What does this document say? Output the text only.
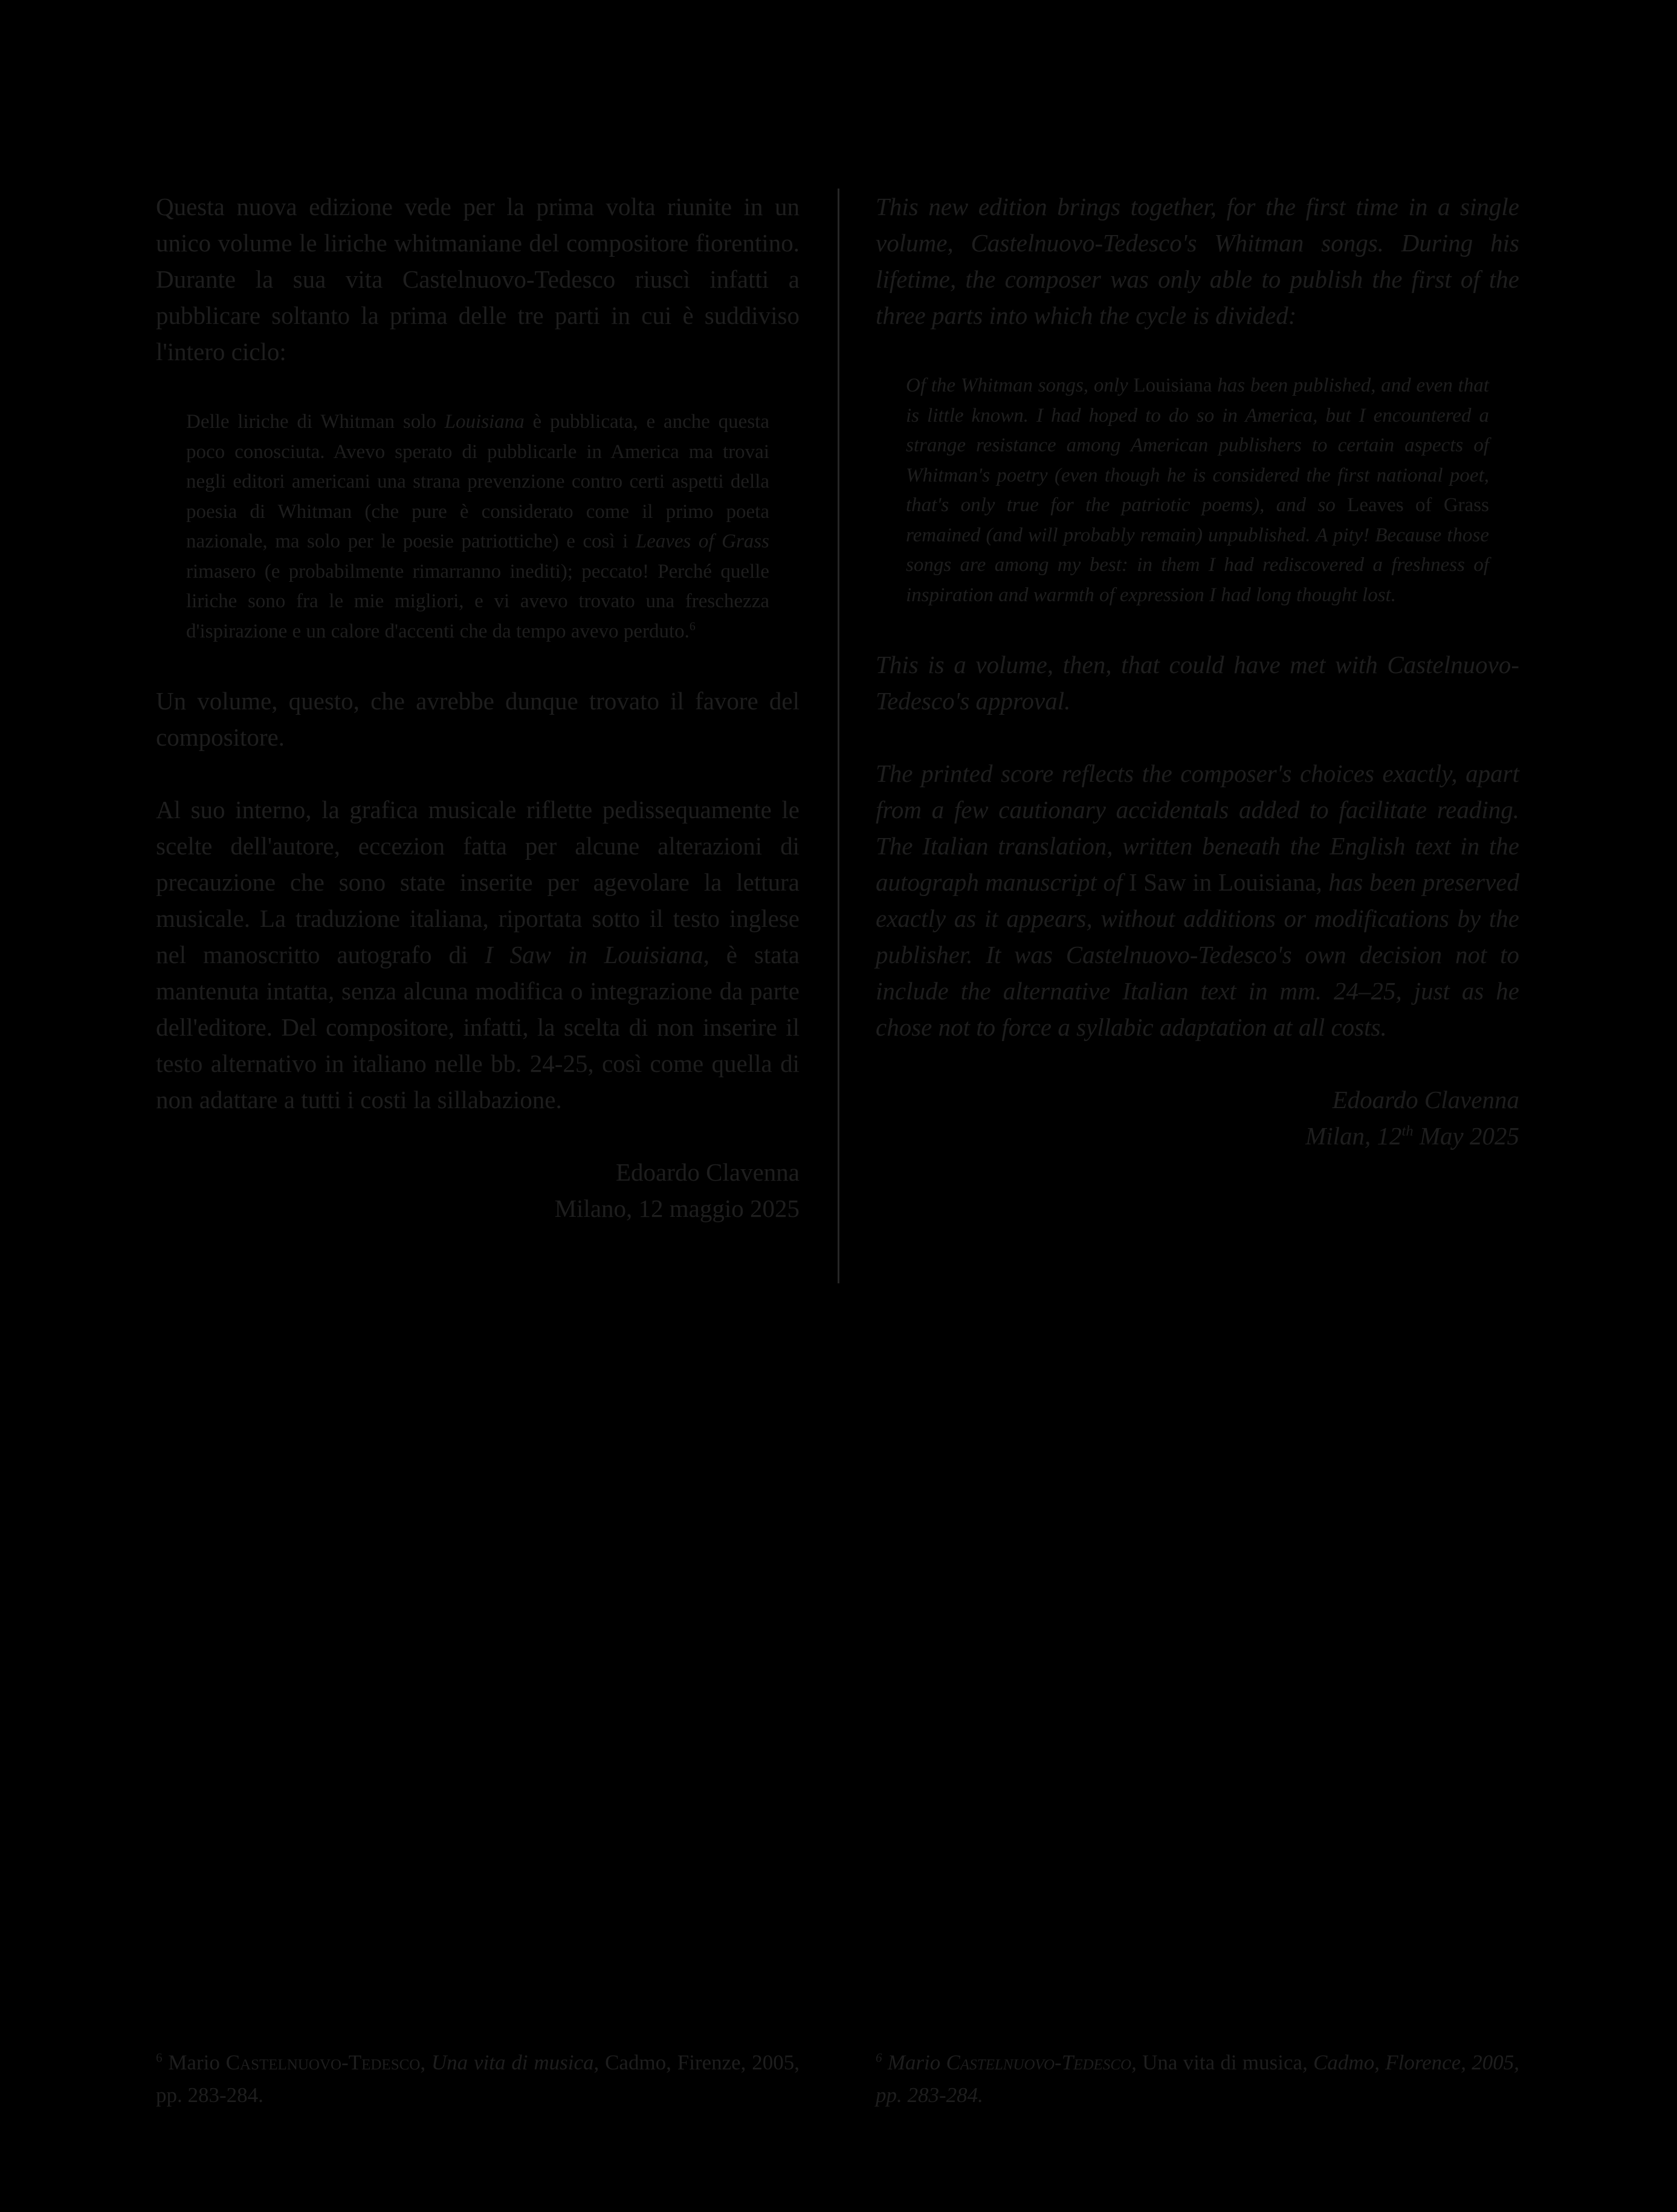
Questa nuova edizione vede per la prima volta riunite in un unico volume le liriche whitmaniane del compositore fiorentino. Durante la sua vita Castelnuovo-Tedesco riuscì infatti a pubblicare soltanto la prima delle tre parti in cui è suddiviso l'intero ciclo:

Delle liriche di Whitman solo Louisiana è pubblicata, e anche questa poco conosciuta. Avevo sperato di pubblicarle in America ma trovai negli editori americani una strana prevenzione contro certi aspetti della poesia di Whitman (che pure è considerato come il primo poeta nazionale, ma solo per le poesie patriottiche) e così i Leaves of Grass rimasero (e probabilmente rimarranno inediti); peccato! Perché quelle liriche sono fra le mie migliori, e vi avevo trovato una freschezza d'ispirazione e un calore d'accenti che da tempo avevo perduto.$^6$

Un volume, questo, che avrebbe dunque trovato il favore del compositore.

Al suo interno, la grafica musicale riflette pedissequamente le scelte dell'autore, eccezion fatta per alcune alterazioni di precauzione che sono state inserite per agevolare la lettura musicale. La traduzione italiana, riportata sotto il testo inglese nel manoscritto autografo di I Saw in Louisiana, è stata mantenuta intatta, senza alcuna modifica o integrazione da parte dell'editore. Del compositore, infatti, la scelta di non inserire il testo alternativo in italiano nelle bb. 24-25, così come quella di non adattare a tutti i costi la sillabazione.

Edoardo Clavenna

Milano, 12 maggio 2025

This new edition brings together, for the first time in a single volume, Castelnuovo-Tedesco's Whitman songs. During his lifetime, the composer was only able to publish the first of the three parts into which the cycle is divided:

Of the Whitman songs, only Louisiana has been published, and even that is little known. I had hoped to do so in America, but I encountered a strange resistance among American publishers to certain aspects of Whitman's poetry (even though he is considered the first national poet, that's only true for the patriotic poems), and so Leaves of Grass remained (and will probably remain) unpublished. A pity! Because those songs are among my best: in them I had rediscovered a freshness of inspiration and warmth of expression I had long thought lost.

This is a volume, then, that could have met with Castelnuovo-Tedesco's approval.

The printed score reflects the composer's choices exactly, apart from a few cautionary accidentals added to facilitate reading. The Italian translation, written beneath the English text in the autograph manuscript of I Saw in Louisiana, has been preserved exactly as it appears, without additions or modifications by the publisher. It was Castelnuovo-Tedesco's own decision not to include the alternative Italian text in mm. 24–25, just as he chose not to force a syllabic adaptation at all costs.

Edoardo Clavenna

Milan, 12th May 2025

$^6$ Mario Castelnuovo-Tedesco, Una vita di musica, Cadmo, Firenze, 2005, pp. 283-284.

$^6$ Mario Castelnuovo-Tedesco, Una vita di musica, Cadmo, Florence, 2005, pp. 283-284.
